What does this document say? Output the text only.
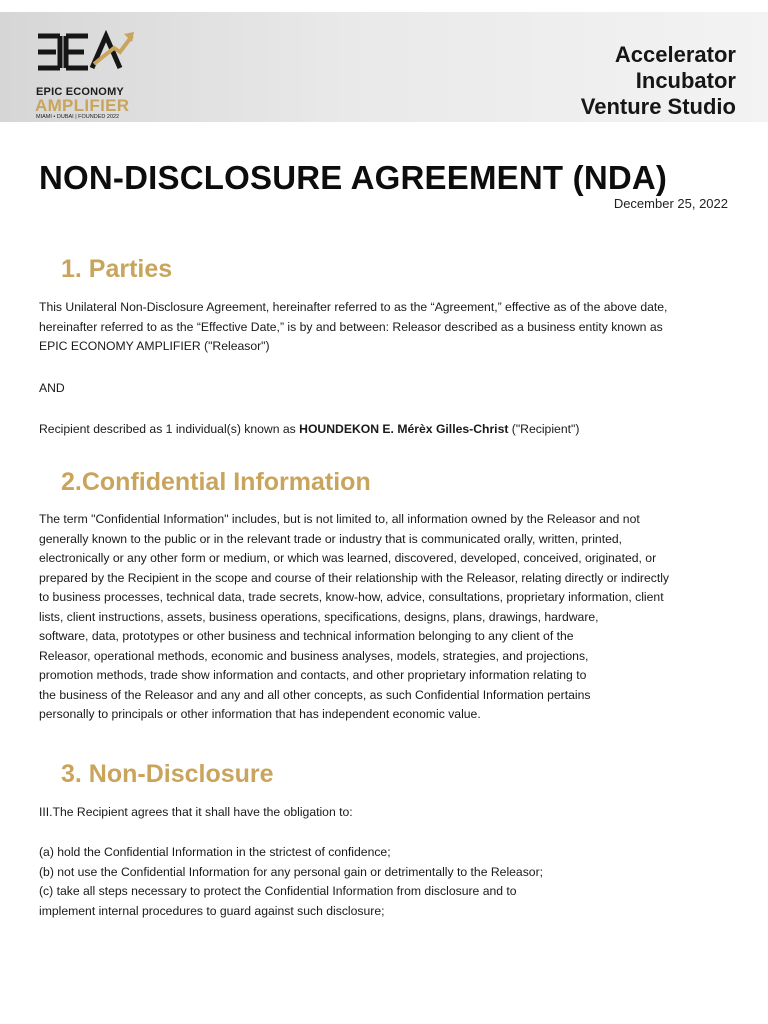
EPIC ECONOMY
AMPLIFIER
MIAMI • DUBAI | FOUNDED 2022
Accelerator
Incubator
Venture Studio
NON-DISCLOSURE AGREEMENT (NDA)
December 25, 2022
1. Parties

This Unilateral Non-Disclosure Agreement, hereinafter referred to as the “Agreement,” effective as of the above date,
hereinafter referred to as the “Effective Date,” is by and between: Releasor described as a business entity known as
EPIC ECONOMY AMPLIFIER ("Releasor")

AND

Recipient described as 1 individual(s) known as HOUNDEKON E. Mérèx Gilles-Christ ("Recipient")

2.Confidential Information

The term "Confidential Information" includes, but is not limited to, all information owned by the Releasor and not
generally known to the public or in the relevant trade or industry that is communicated orally, written, printed,
electronically or any other form or medium, or which was learned, discovered, developed, conceived, originated, or
prepared by the Recipient in the scope and course of their relationship with the Releasor, relating directly or indirectly
to business processes, technical data, trade secrets, know-how, advice, consultations, proprietary information, client
lists, client instructions, assets, business operations, specifications, designs, plans, drawings, hardware,
software, data, prototypes or other business and technical information belonging to any client of the
Releasor, operational methods, economic and business analyses, models, strategies, and projections,
promotion methods, trade show information and contacts, and other proprietary information relating to
the business of the Releasor and any and all other concepts, as such Confidential Information pertains
personally to principals or other information that has independent economic value.

3. Non-Disclosure

III.The Recipient agrees that it shall have the obligation to:

(a) hold the Confidential Information in the strictest of confidence;
(b) not use the Confidential Information for any personal gain or detrimentally to the Releasor;
(c) take all steps necessary to protect the Confidential Information from disclosure and to
implement internal procedures to guard against such disclosure;
